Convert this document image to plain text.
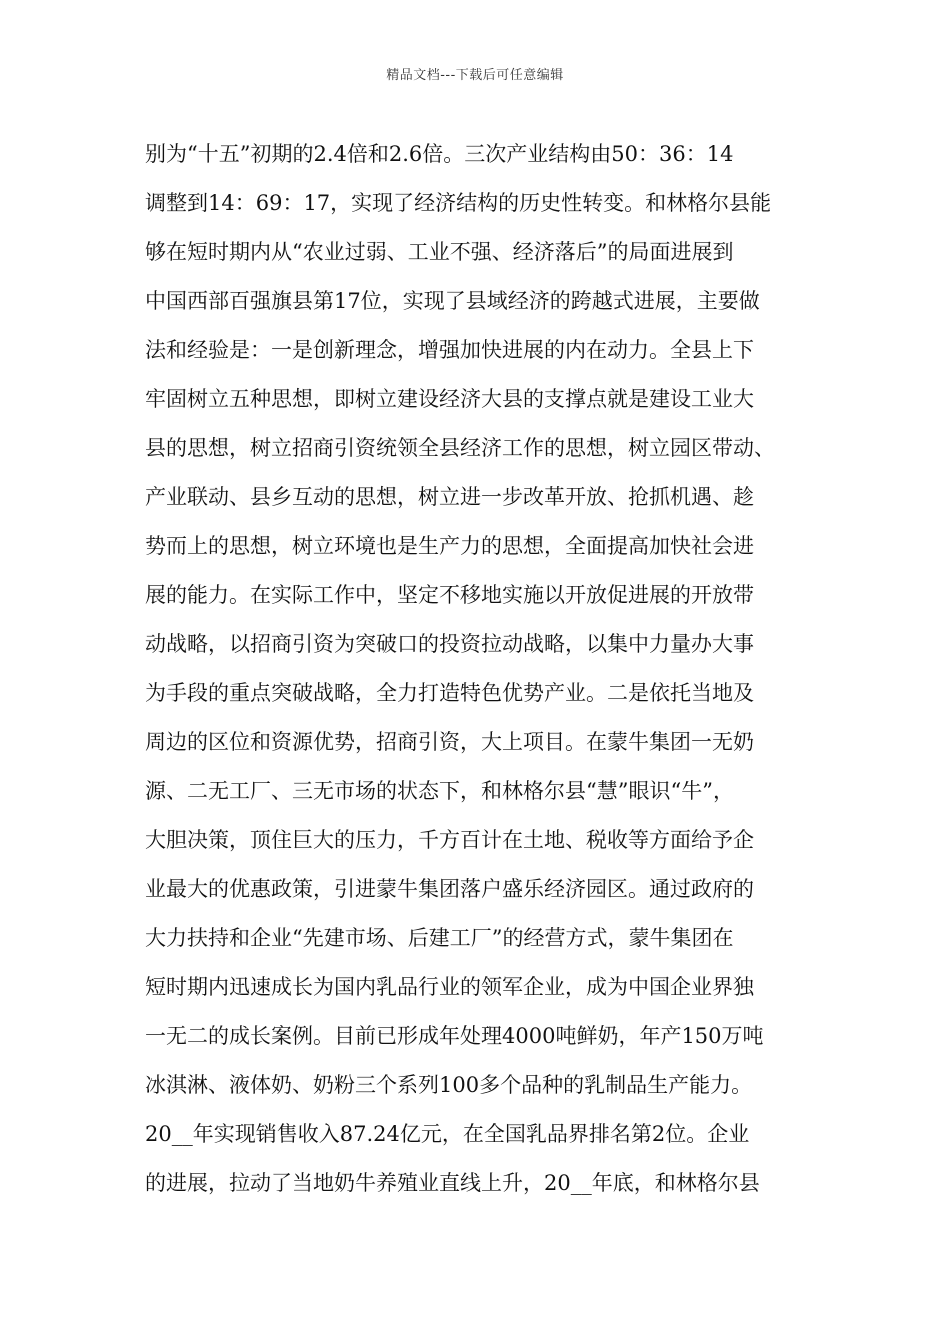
精品文档---下载后可任意编辑
别为“十五”初期的2.4倍和2.6倍。三次产业结构由50：36：14
调整到14：69：17，实现了经济结构的历史性转变。和林格尔县能
够在短时期内从“农业过弱、工业不强、经济落后”的局面进展到
中国西部百强旗县第17位，实现了县域经济的跨越式进展，主要做
法和经验是：一是创新理念，增强加快进展的内在动力。全县上下
牢固树立五种思想，即树立建设经济大县的支撑点就是建设工业大
县的思想，树立招商引资统领全县经济工作的思想，树立园区带动、
产业联动、县乡互动的思想，树立进一步改革开放、抢抓机遇、趁
势而上的思想，树立环境也是生产力的思想，全面提高加快社会进
展的能力。在实际工作中，坚定不移地实施以开放促进展的开放带
动战略，以招商引资为突破口的投资拉动战略，以集中力量办大事
为手段的重点突破战略，全力打造特色优势产业。二是依托当地及
周边的区位和资源优势，招商引资，大上项目。在蒙牛集团一无奶
源、二无工厂、三无市场的状态下，和林格尔县“慧”眼识“牛”，
大胆决策，顶住巨大的压力，千方百计在土地、税收等方面给予企
业最大的优惠政策，引进蒙牛集团落户盛乐经济园区。通过政府的
大力扶持和企业“先建市场、后建工厂”的经营方式，蒙牛集团在
短时期内迅速成长为国内乳品行业的领军企业，成为中国企业界独
一无二的成长案例。目前已形成年处理4000吨鲜奶，年产150万吨
冰淇淋、液体奶、奶粉三个系列100多个品种的乳制品生产能力。
20__年实现销售收入87.24亿元，在全国乳品界排名第2位。企业
的进展，拉动了当地奶牛养殖业直线上升，20__年底，和林格尔县
